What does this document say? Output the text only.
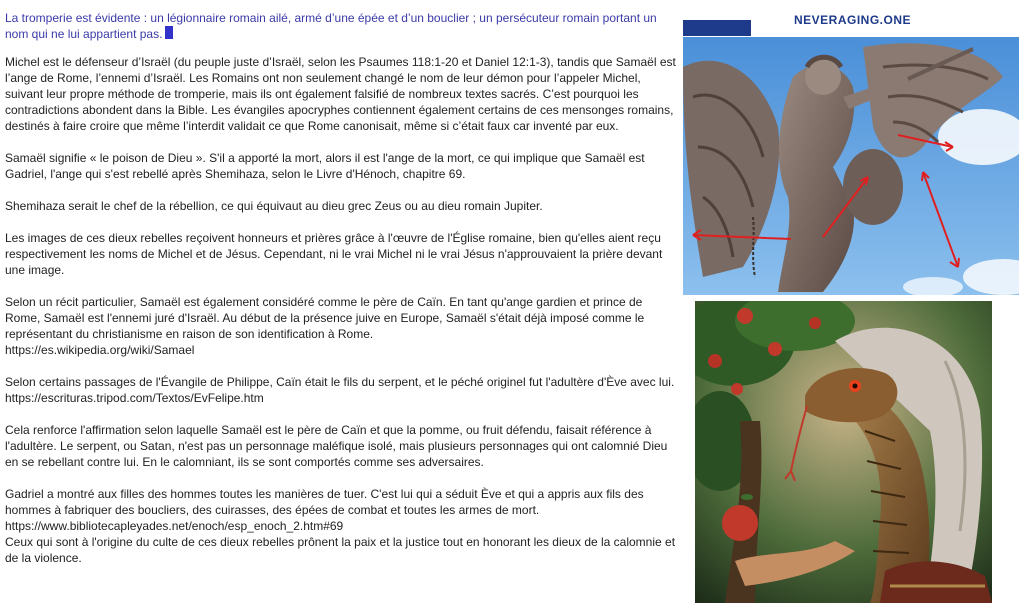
La tromperie est évidente : un légionnaire romain ailé, armé d’une épée et d’un bouclier ; un persécuteur romain portant un nom qui ne lui appartient pas.

Michel est le défenseur d’Israël (du peuple juste d’Israël, selon les Psaumes 118:1-20 et Daniel 12:1-3), tandis que Samaël est l’ange de Rome, l’ennemi d’Israël. Les Romains ont non seulement changé le nom de leur démon pour l’appeler Michel, suivant leur propre méthode de tromperie, mais ils ont également falsifié de nombreux textes sacrés. C’est pourquoi les contradictions abondent dans la Bible. Les évangiles apocryphes contiennent également certains de ces mensonges romains, destinés à faire croire que même l’interdit validait ce que Rome canonisait, même si c’était faux car inventé par eux.

Samaël signifie « le poison de Dieu ». S'il a apporté la mort, alors il est l'ange de la mort, ce qui implique que Samaël est Gadriel, l'ange qui s'est rebellé après Shemihaza, selon le Livre d'Hénoch, chapitre 69.

Shemihaza serait le chef de la rébellion, ce qui équivaut au dieu grec Zeus ou au dieu romain Jupiter.

Les images de ces dieux rebelles reçoivent honneurs et prières grâce à l'œuvre de l'Église romaine, bien qu'elles aient reçu respectivement les noms de Michel et de Jésus. Cependant, ni le vrai Michel ni le vrai Jésus n'approuvaient la prière devant une image.

Selon un récit particulier, Samaël est également considéré comme le père de Caïn. En tant qu'ange gardien et prince de Rome, Samaël est l'ennemi juré d'Israël. Au début de la présence juive en Europe, Samaël s'était déjà imposé comme le représentant du christianisme en raison de son identification à Rome.

https://es.wikipedia.org/wiki/Samael

Selon certains passages de l'Évangile de Philippe, Caïn était le fils du serpent, et le péché originel fut l'adultère d'Ève avec lui.

https://escrituras.tripod.com/Textos/EvFelipe.htm

Cela renforce l'affirmation selon laquelle Samaël est le père de Caïn et que la pomme, ou fruit défendu, faisait référence à l'adultère. Le serpent, ou Satan, n'est pas un personnage maléfique isolé, mais plusieurs personnages qui ont calomnié Dieu en se rebellant contre lui. En le calomniant, ils se sont comportés comme ses adversaires.

Gadriel a montré aux filles des hommes toutes les manières de tuer. C'est lui qui a séduit Ève et qui a appris aux fils des hommes à fabriquer des boucliers, des cuirasses, des épées de combat et toutes les armes de mort.

https://www.bibliotecapleyades.net/enoch/esp_enoch_2.htm#69

Ceux qui sont à l'origine du culte de ces dieux rebelles prônent la paix et la justice tout en honorant les dieux de la calomnie et de la violence.

NEVERAGING.ONE
